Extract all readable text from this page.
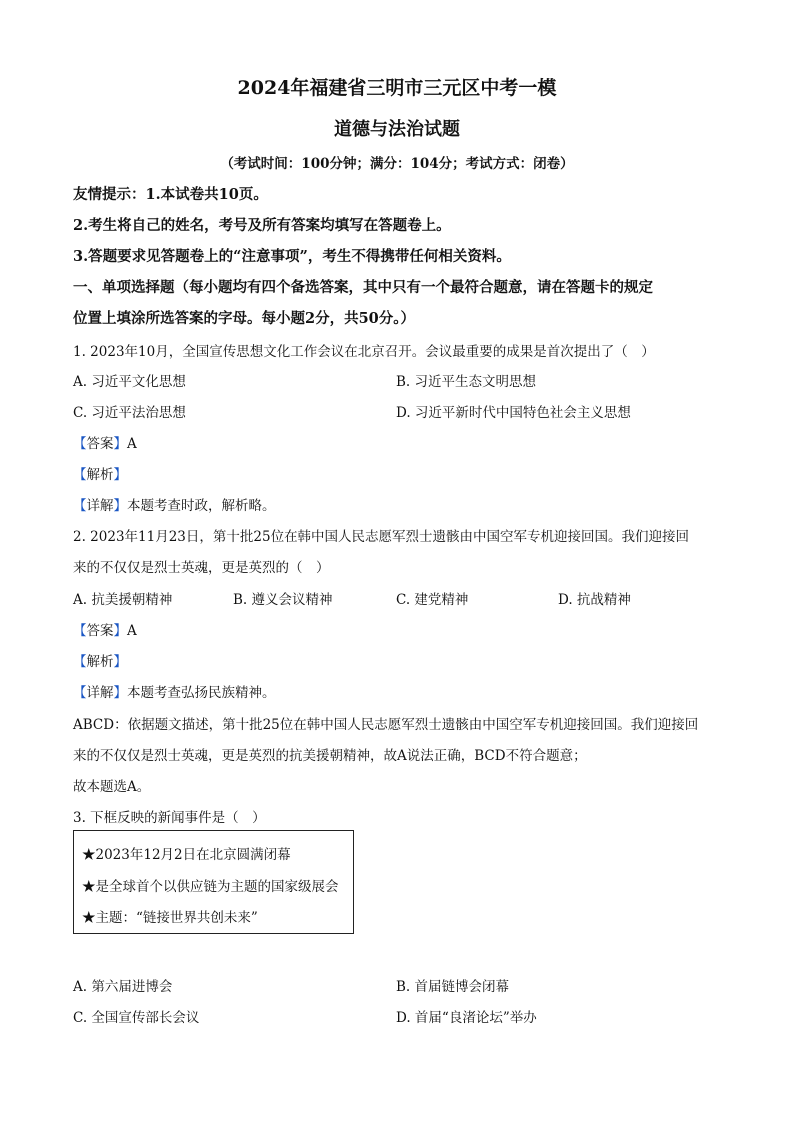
2024年福建省三明市三元区中考一模
道德与法治试题
（考试时间：100分钟；满分：104分；考试方式：闭卷）
友情提示：1.本试卷共10页。
2.考生将自己的姓名，考号及所有答案均填写在答题卷上。
3.答题要求见答题卷上的“注意事项”，考生不得携带任何相关资料。
一、单项选择题（每小题均有四个备选答案，其中只有一个最符合题意，请在答题卡的规定
位置上填涂所选答案的字母。每小题2分，共50分。）
1. 2023年10月，全国宣传思想文化工作会议在北京召开。会议最重要的成果是首次提出了（　）
A. 习近平文化思想	B. 习近平生态文明思想
C. 习近平法治思想	D. 习近平新时代中国特色社会主义思想
【答案】A
【解析】
【详解】本题考查时政，解析略。
2. 2023年11月23日，第十批25位在韩中国人民志愿军烈士遗骸由中国空军专机迎接回国。我们迎接回
来的不仅仅是烈士英魂，更是英烈的（　）
A. 抗美援朝精神	B. 遵义会议精神	C. 建党精神	D. 抗战精神
【答案】A
【解析】
【详解】本题考查弘扬民族精神。
ABCD：依据题文描述，第十批25位在韩中国人民志愿军烈士遗骸由中国空军专机迎接回国。我们迎接回
来的不仅仅是烈士英魂，更是英烈的抗美援朝精神，故A说法正确，BCD不符合题意；
故本题选A。
3. 下框反映的新闻事件是（　）
★2023年12月2日在北京圆满闭幕
★是全球首个以供应链为主题的国家级展会
★主题：“链接世界共创未来”
A. 第六届进博会	B. 首届链博会闭幕
C. 全国宣传部长会议	D. 首届“良渚论坛”举办
